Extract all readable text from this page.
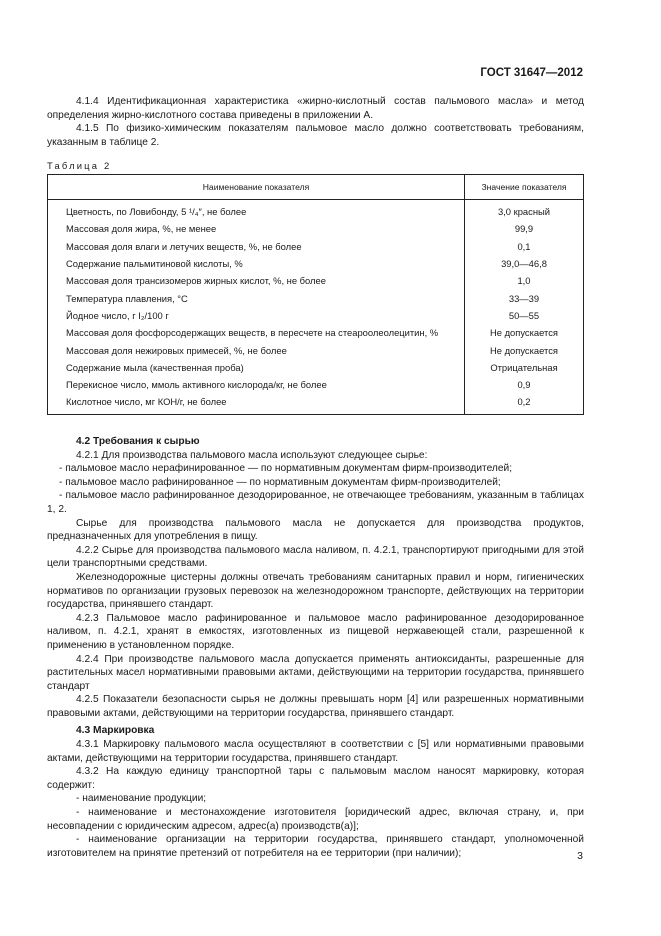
ГОСТ 31647—2012

4.1.4 Идентификационная характеристика «жирно-кислотный состав пальмового масла» и метод определения жирно-кислотного состава приведены в приложении А.

4.1.5 По физико-химическим показателям пальмовое масло должно соответствовать требованиям, указанным в таблице 2.

Таблица 2
Наименование показателя	Значение показателя
Цветность, по Ловибонду, 5 ¹/₄″, не более	3,0 красный
Массовая доля жира, %, не менее	99,9
Массовая доля влаги и летучих веществ, %, не более	0,1
Содержание пальмитиновой кислоты, %	39,0—46,8
Массовая доля трансизомеров жирных кислот, %, не более	1,0
Температура плавления, °С	33—39
Йодное число, г I₂/100 г	50—55
Массовая доля фосфорсодержащих веществ, в пересчете на стеароолеолецитин, %	Не допускается
Массовая доля нежировых примесей, %, не более	Не допускается
Содержание мыла (качественная проба)	Отрицательная
Перекисное число, ммоль активного кислорода/кг, не более	0,9
Кислотное число, мг КОН/г, не более	0,2

4.2 Требования к сырью

4.2.1 Для производства пальмового масла используют следующее сырье:

- пальмовое масло нерафинированное — по нормативным документам фирм-производителей;

- пальмовое масло рафинированное — по нормативным документам фирм-производителей;

- пальмовое масло рафинированное дезодорированное, не отвечающее требованиям, указанным в таблицах 1, 2.

Сырье для производства пальмового масла не допускается для производства продуктов, предназначенных для употребления в пищу.

4.2.2 Сырье для производства пальмового масла наливом, п. 4.2.1, транспортируют пригодными для этой цели транспортными средствами.

Железнодорожные цистерны должны отвечать требованиям санитарных правил и норм, гигиенических нормативов по организации грузовых перевозок на железнодорожном транспорте, действующих на территории государства, принявшего стандарт.

4.2.3 Пальмовое масло рафинированное и пальмовое масло рафинированное дезодорированное наливом, п. 4.2.1, хранят в емкостях, изготовленных из пищевой нержавеющей стали, разрешенной к применению в установленном порядке.

4.2.4 При производстве пальмового масла допускается применять антиоксиданты, разрешенные для растительных масел нормативными правовыми актами, действующими на территории государства, принявшего стандарт

4.2.5 Показатели безопасности сырья не должны превышать норм [4] или разрешенных нормативными правовыми актами, действующими на территории государства, принявшего стандарт.

4.3 Маркировка

4.3.1 Маркировку пальмового масла осуществляют в соответствии с [5] или нормативными правовыми актами, действующими на территории государства, принявшего стандарт.

4.3.2 На каждую единицу транспортной тары с пальмовым маслом наносят маркировку, которая содержит:

- наименование продукции;

- наименование и местонахождение изготовителя [юридический адрес, включая страну, и, при несовпадении с юридическим адресом, адрес(а) производств(а)];

- наименование организации на территории государства, принявшего стандарт, уполномоченной изготовителем на принятие претензий от потребителя на ее территории (при наличии);	3
